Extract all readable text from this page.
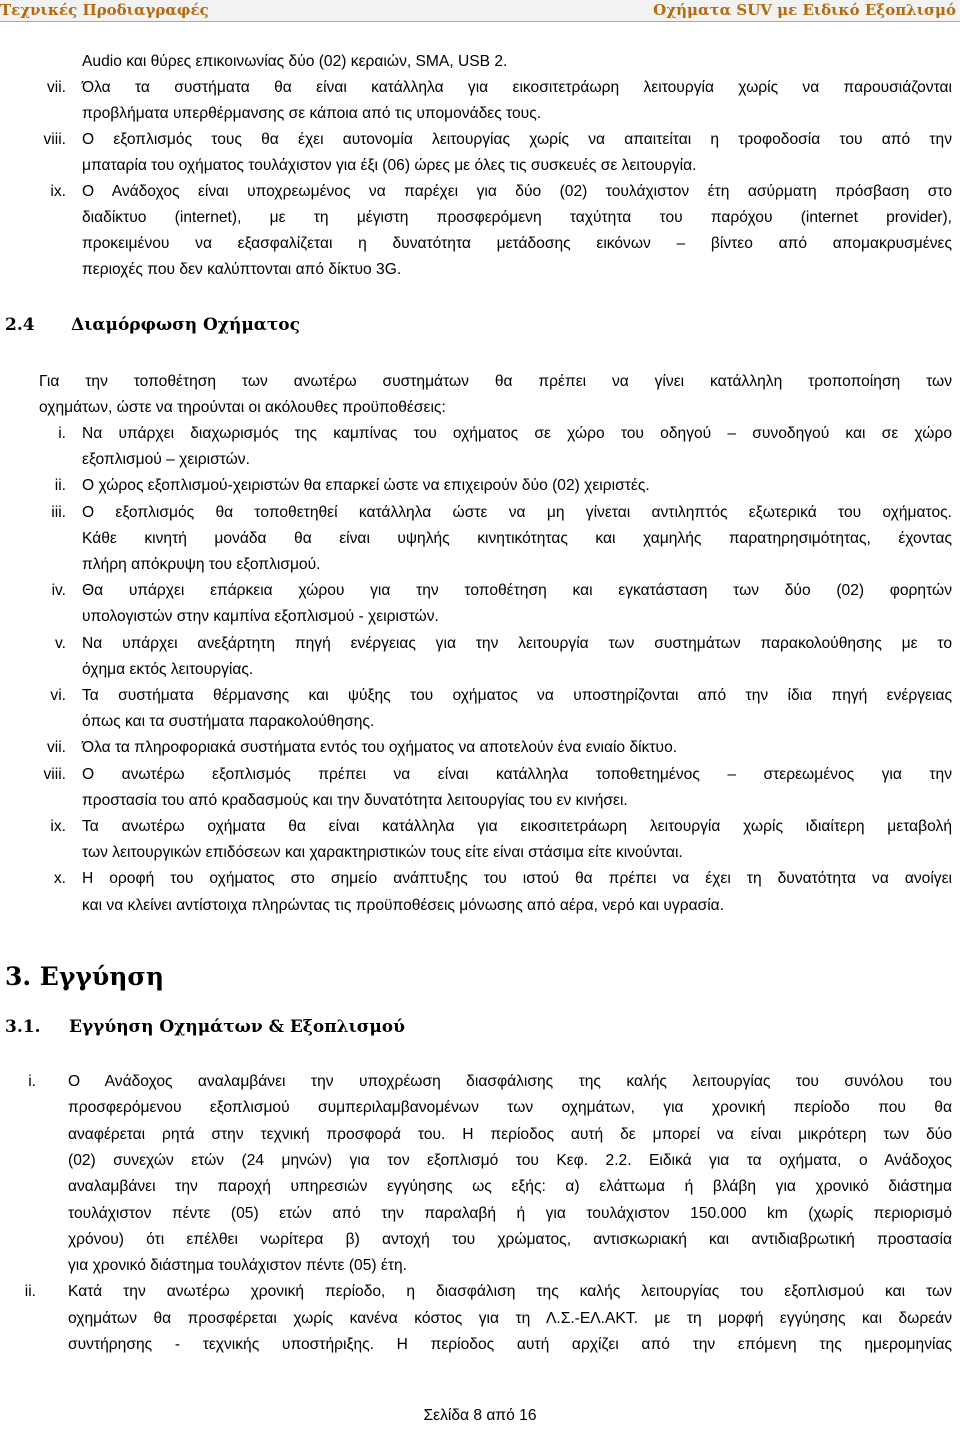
Τεχνικές Προδιαγραφές	Οχήματα SUV με Ειδικό Εξοπλισμό
Audio και θύρες επικοινωνίας δύο (02) κεραιών, SMA, USB 2.
vii. Όλα τα συστήματα θα είναι κατάλληλα για εικοσιτετράωρη λειτουργία χωρίς να παρουσιάζονται
προβλήματα υπερθέρμανσης σε κάποια από τις υπομονάδες τους.
viii. Ο εξοπλισμός τους θα έχει αυτονομία λειτουργίας χωρίς να απαιτείται η τροφοδοσία του από την
μπαταρία του οχήματος τουλάχιστον για έξι (06) ώρες με όλες τις συσκευές σε λειτουργία.
ix. Ο Ανάδοχος είναι υποχρεωμένος να παρέχει για δύο (02) τουλάχιστον έτη ασύρματη πρόσβαση στο
διαδίκτυο (internet), με τη μέγιστη προσφερόμενη ταχύτητα του παρόχου (internet provider),
προκειμένου να εξασφαλίζεται η δυνατότητα μετάδοσης εικόνων – βίντεο από απομακρυσμένες
περιοχές που δεν καλύπτονται από δίκτυο 3G.
Για την τοποθέτηση των ανωτέρω συστημάτων θα πρέπει να γίνει κατάλληλη τροποποίηση των
οχημάτων, ώστε να τηρούνται οι ακόλουθες προϋποθέσεις:
i. Να υπάρχει διαχωρισμός της καμπίνας του οχήματος σε χώρο του οδηγού – συνοδηγού και σε χώρο
εξοπλισμού – χειριστών.
ii. Ο χώρος εξοπλισμού-χειριστών θα επαρκεί ώστε να επιχειρούν δύο (02) χειριστές.
iii. Ο εξοπλισμός θα τοποθετηθεί κατάλληλα ώστε να μη γίνεται αντιληπτός εξωτερικά του οχήματος.
Κάθε κινητή μονάδα θα είναι υψηλής κινητικότητας και χαμηλής παρατηρησιμότητας, έχοντας
πλήρη απόκρυψη του εξοπλισμού.
iv. Θα υπάρχει επάρκεια χώρου για την τοποθέτηση και εγκατάσταση των δύο (02) φορητών
υπολογιστών στην καμπίνα εξοπλισμού - χειριστών.
v. Να υπάρχει ανεξάρτητη πηγή ενέργειας για την λειτουργία των συστημάτων παρακολούθησης με το
όχημα εκτός λειτουργίας.
vi. Τα συστήματα θέρμανσης και ψύξης του οχήματος να υποστηρίζονται από την ίδια πηγή ενέργειας
όπως και τα συστήματα παρακολούθησης.
vii. Όλα τα πληροφοριακά συστήματα εντός του οχήματος να αποτελούν ένα ενιαίο δίκτυο.
viii. Ο ανωτέρω εξοπλισμός πρέπει να είναι κατάλληλα τοποθετημένος – στερεωμένος για την
προστασία του από κραδασμούς και την δυνατότητα λειτουργίας του εν κινήσει.
ix. Τα ανωτέρω οχήματα θα είναι κατάλληλα για εικοσιτετράωρη λειτουργία χωρίς ιδιαίτερη μεταβολή
των λειτουργικών επιδόσεων και χαρακτηριστικών τους είτε είναι στάσιμα είτε κινούνται.
x. Η οροφή του οχήματος στο σημείο ανάπτυξης του ιστού θα πρέπει να έχει τη δυνατότητα να ανοίγει
και να κλείνει αντίστοιχα πληρώντας τις προϋποθέσεις μόνωσης από αέρα, νερό και υγρασία.
i. Ο Ανάδοχος αναλαμβάνει την υποχρέωση διασφάλισης της καλής λειτουργίας του συνόλου του
προσφερόμενου εξοπλισμού συμπεριλαμβανομένων των οχημάτων, για χρονική περίοδο που θα
αναφέρεται ρητά στην τεχνική προσφορά του. Η περίοδος αυτή δε μπορεί να είναι μικρότερη των δύο
(02) συνεχών ετών (24 μηνών) για τον εξοπλισμό του Κεφ. 2.2. Ειδικά για τα οχήματα, ο Ανάδοχος
αναλαμβάνει την παροχή υπηρεσιών εγγύησης ως εξής: α) ελάττωμα ή βλάβη για χρονικό διάστημα
τουλάχιστον πέντε (05) ετών από την παραλαβή ή για τουλάχιστον 150.000 km (χωρίς περιορισμό
χρόνου) ότι επέλθει νωρίτερα β) αντοχή του χρώματος, αντισκωριακή και αντιδιαβρωτική προστασία
για χρονικό διάστημα τουλάχιστον πέντε (05) έτη.
ii. Κατά την ανωτέρω χρονική περίοδο, η διασφάλιση της καλής λειτουργίας του εξοπλισμού και των
οχημάτων θα προσφέρεται χωρίς κανένα κόστος για τη Λ.Σ.-ΕΛ.ΑΚΤ. με τη μορφή εγγύησης και δωρεάν
συντήρησης - τεχνικής υποστήριξης. Η περίοδος αυτή αρχίζει από την επόμενη της ημερομηνίας
2.4 Διαμόρφωση Οχήματος
3. Εγγύηση
3.1. Εγγύηση Οχημάτων & Εξοπλισμού
Σελίδα 8 από 16
